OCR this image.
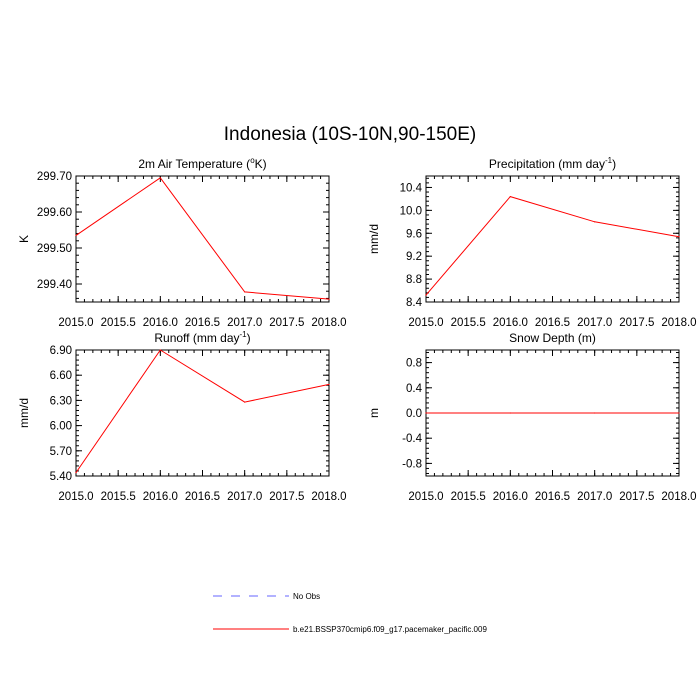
Indonesia (10S-10N,90-150E)
2m Air Temperature ($^o$K)
2015.0 2015.5 2016.0 2016.5 2017.0 2017.5 2018.0
299.40
299.50
299.60
299.70
K
Precipitation (mm day$^{-1}$)
2015.0 2015.5 2016.0 2016.5 2017.0 2017.5 2018.0
8.4
8.8
9.2
9.6
10.0
10.4
mm/d
Runoff (mm day$^{-1}$)
2015.0 2015.5 2016.0 2016.5 2017.0 2017.5 2018.0
5.40
5.70
6.00
6.30
6.60
6.90
mm/d
Snow Depth (m)
2015.0 2015.5 2016.0 2016.5 2017.0 2017.5 2018.0
-0.8
-0.4
0.0
0.4
0.8
m
No Obs
b.e21.BSSP370cmip6.f09_g17.pacemaker_pacific.009
